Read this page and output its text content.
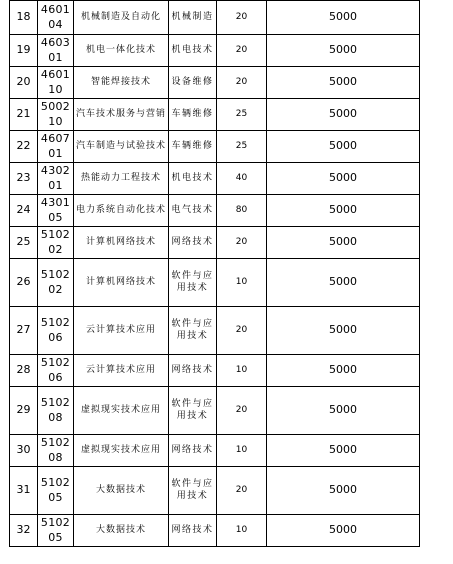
18	460104	机械制造及自动化	机械制造	20	5000
19	460301	机电一体化技术	机电技术	20	5000
20	460110	智能焊接技术	设备维修	20	5000
21	500210	汽车技术服务与营销	车辆维修	25	5000
22	460701	汽车制造与试验技术	车辆维修	25	5000
23	430201	热能动力工程技术	机电技术	40	5000
24	430105	电力系统自动化技术	电气技术	80	5000
25	510202	计算机网络技术	网络技术	20	5000
26	510202	计算机网络技术	软件与应用技术	10	5000
27	510206	云计算技术应用	软件与应用技术	20	5000
28	510206	云计算技术应用	网络技术	10	5000
29	510208	虚拟现实技术应用	软件与应用技术	20	5000
30	510208	虚拟现实技术应用	网络技术	10	5000
31	510205	大数据技术	软件与应用技术	20	5000
32	510205	大数据技术	网络技术	10	5000
